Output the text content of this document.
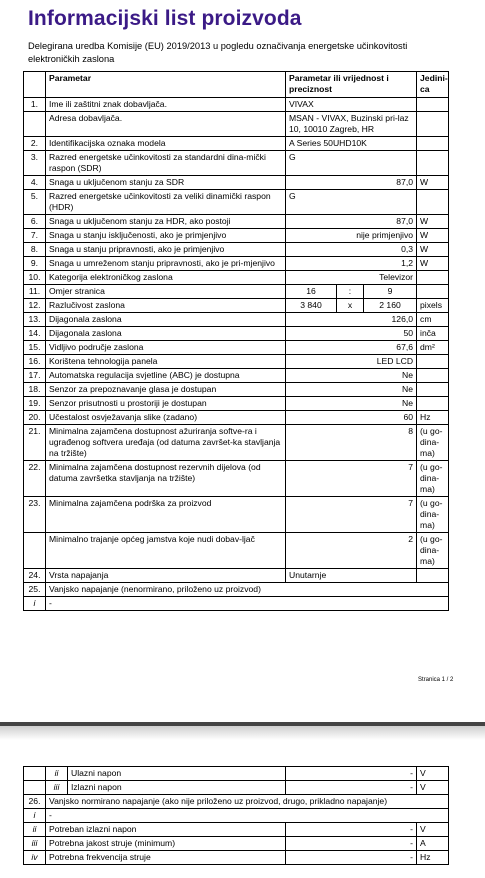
Informacijski list proizvoda
Delegirana uredba Komisije (EU) 2019/2013 u pogledu označivanja energetske učinkovitosti elektroničkih zaslona
	Parametar	Parametar ili vrijednost i preciznost			Jedini-ca
1.	Ime ili zaštitni znak dobavljača.	VIVAX			
	Adresa dobavljača.	MSAN - VIVAX, Buzinski pri-laz 10, 10010 Zagreb, HR			
2.	Identifikacijska oznaka modela	A Series 50UHD10K			
3.	Razred energetske učinkovitosti za standardni dina-mički raspon (SDR)	G			
4.	Snaga u uključenom stanju za SDR	87,0			W
5.	Razred energetske učinkovitosti za veliki dinamički raspon (HDR)	G			
6.	Snaga u uključenom stanju za HDR, ako postoji	87,0			W
7.	Snaga u stanju isključenosti, ako je primjenjivo	nije primjenjivo			W
8.	Snaga u stanju pripravnosti, ako je primjenjivo	0,3			W
9.	Snaga u umreženom stanju pripravnosti, ako je pri-mjenjivo	1,2			W
10.	Kategorija elektroničkog zaslona	Televizor			
11.	Omjer stranica	16	:	9	
12.	Razlučivost zaslona	3 840	x	2 160	pixels
13.	Dijagonala zaslona	126,0			cm
14.	Dijagonala zaslona	50			inča
15.	Vidljivo područje zaslona	67,6			dm²
16.	Korištena tehnologija panela	LED LCD			
17.	Automatska regulacija svjetline (ABC) je dostupna	Ne			
18.	Senzor za prepoznavanje glasa je dostupan	Ne			
19.	Senzor prisutnosti u prostoriji je dostupan	Ne			
20.	Učestalost osvježavanja slike (zadano)	60			Hz
21.	Minimalna zajamčena dostupnost ažuriranja softve-ra i ugrađenog softvera uređaja (od datuma završet-ka stavljanja na tržište)	8			(u go-dina-ma)
22.	Minimalna zajamčena dostupnost rezervnih dijelova (od datuma završetka stavljanja na tržište)	7			(u go-dina-ma)
23.	Minimalna zajamčena podrška za proizvod	7			(u go-dina-ma)
	Minimalno trajanje općeg jamstva koje nudi dobav-ljač	2			(u go-dina-ma)
24.	Vrsta napajanja	Unutarnje			
25.	Vanjsko napajanje (nenormirano, priloženo uz proizvod)				
i	-				
Stranica 1 / 2
	ii	Ulazni napon	-	V
	iii	Izlazni napon	-	V
26.	Vanjsko normirano napajanje (ako nije priloženo uz proizvod, drugo, prikladno napajanje)			
i	-			
ii	Potreban izlazni napon		-	V
iii	Potrebna jakost struje (minimum)		-	A
iv	Potrebna frekvencija struje		-	Hz
